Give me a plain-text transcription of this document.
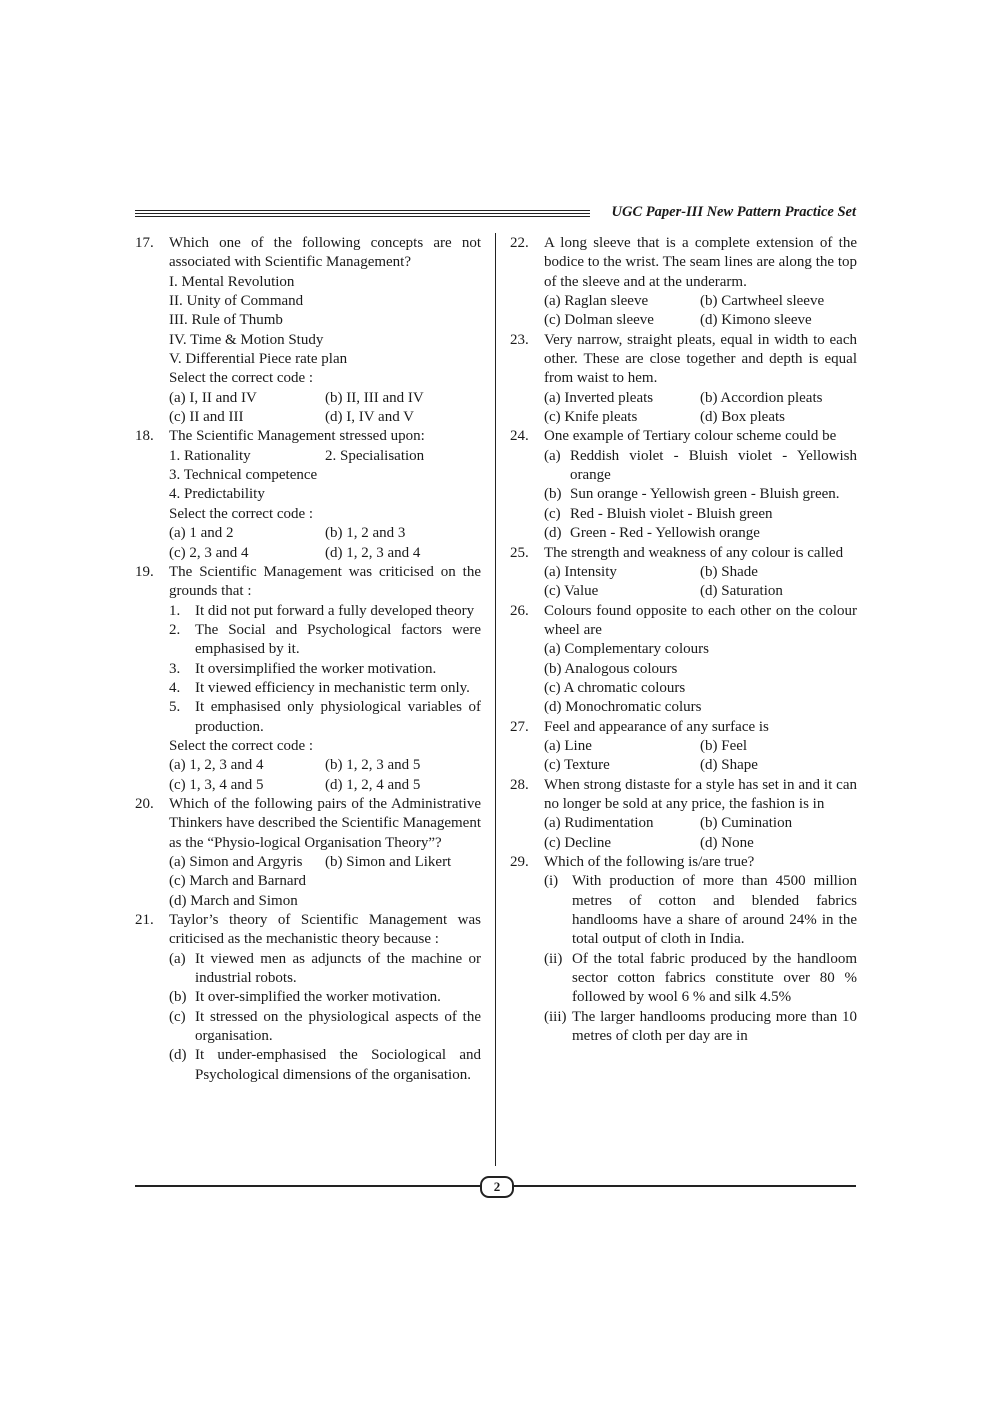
UGC Paper-III New Pattern Practice Set
17.	Which one of the following concepts are not associated with Scientific Management?
I. Mental Revolution
II. Unity of Command
III. Rule of Thumb
IV. Time & Motion Study
V. Differential Piece rate plan
Select the correct code :
(a) I, II and IV	(b) II, III and IV
(c) II and III	(d) I, IV and V
18.	The Scientific Management stressed upon:
1. Rationality	2. Specialisation
3. Technical competence
4. Predictability
Select the correct code :
(a) 1 and 2	(b) 1, 2 and 3
(c) 2, 3 and 4	(d) 1, 2, 3 and 4
19.	The Scientific Management was criticised on the grounds that :
1. It did not put forward a fully developed theory
2. The Social and Psychological factors were emphasised by it.
3. It oversimplified the worker motivation.
4. It viewed efficiency in mechanistic term only.
5. It emphasised only physiological variables of production.
Select the correct code :
(a) 1, 2, 3 and 4	(b) 1, 2, 3 and 5
(c) 1, 3, 4 and 5	(d) 1, 2, 4 and 5
20.	Which of the following pairs of the Administrative Thinkers have described the Scientific Management as the “Physio-logical Organisation Theory”?
(a) Simon and Argyris	(b) Simon and Likert
(c) March and Barnard
(d) March and Simon
21.	Taylor’s theory of Scientific Management was criticised as the mechanistic theory because :
(a) It viewed men as adjuncts of the machine or industrial robots.
(b) It over-simplified the worker motivation.
(c) It stressed on the physiological aspects of the organisation.
(d) It under-emphasised the Sociological and Psychological dimensions of the organisation.
22.	A long sleeve that is a complete extension of the bodice to the wrist. The seam lines are along the top of the sleeve and at the underarm.
(a) Raglan sleeve	(b) Cartwheel sleeve
(c) Dolman sleeve	(d) Kimono sleeve
23.	Very narrow, straight pleats, equal in width to each other. These are close together and depth is equal from waist to hem.
(a) Inverted pleats	(b) Accordion pleats
(c) Knife pleats	(d) Box pleats
24.	One example of Tertiary colour scheme could be
(a) Reddish violet - Bluish violet - Yellowish orange
(b) Sun orange - Yellowish green - Bluish green.
(c) Red - Bluish violet - Bluish green
(d) Green - Red - Yellowish orange
25.	The strength and weakness of any colour is called
(a) Intensity	(b) Shade
(c) Value	(d) Saturation
26.	Colours found opposite to each other on the colour wheel are
(a) Complementary colours
(b) Analogous colours
(c) A chromatic colours
(d) Monochromatic colurs
27.	Feel and appearance of any surface is
(a) Line	(b) Feel
(c) Texture	(d) Shape
28.	When strong distaste for a style has set in and it can no longer be sold at any price, the fashion is in
(a) Rudimentation	(b) Cumination
(c) Decline	(d) None
29.	Which of the following is/are true?
(i) With production of more than 4500 million metres of cotton and blended fabrics handlooms have a share of around 24% in the total output of cloth in India.
(ii) Of the total fabric produced by the handloom sector cotton fabrics constitute over 80 % followed by wool 6 % and silk 4.5%
(iii) The larger handlooms producing more than 10 metres of cloth per day are in
2
